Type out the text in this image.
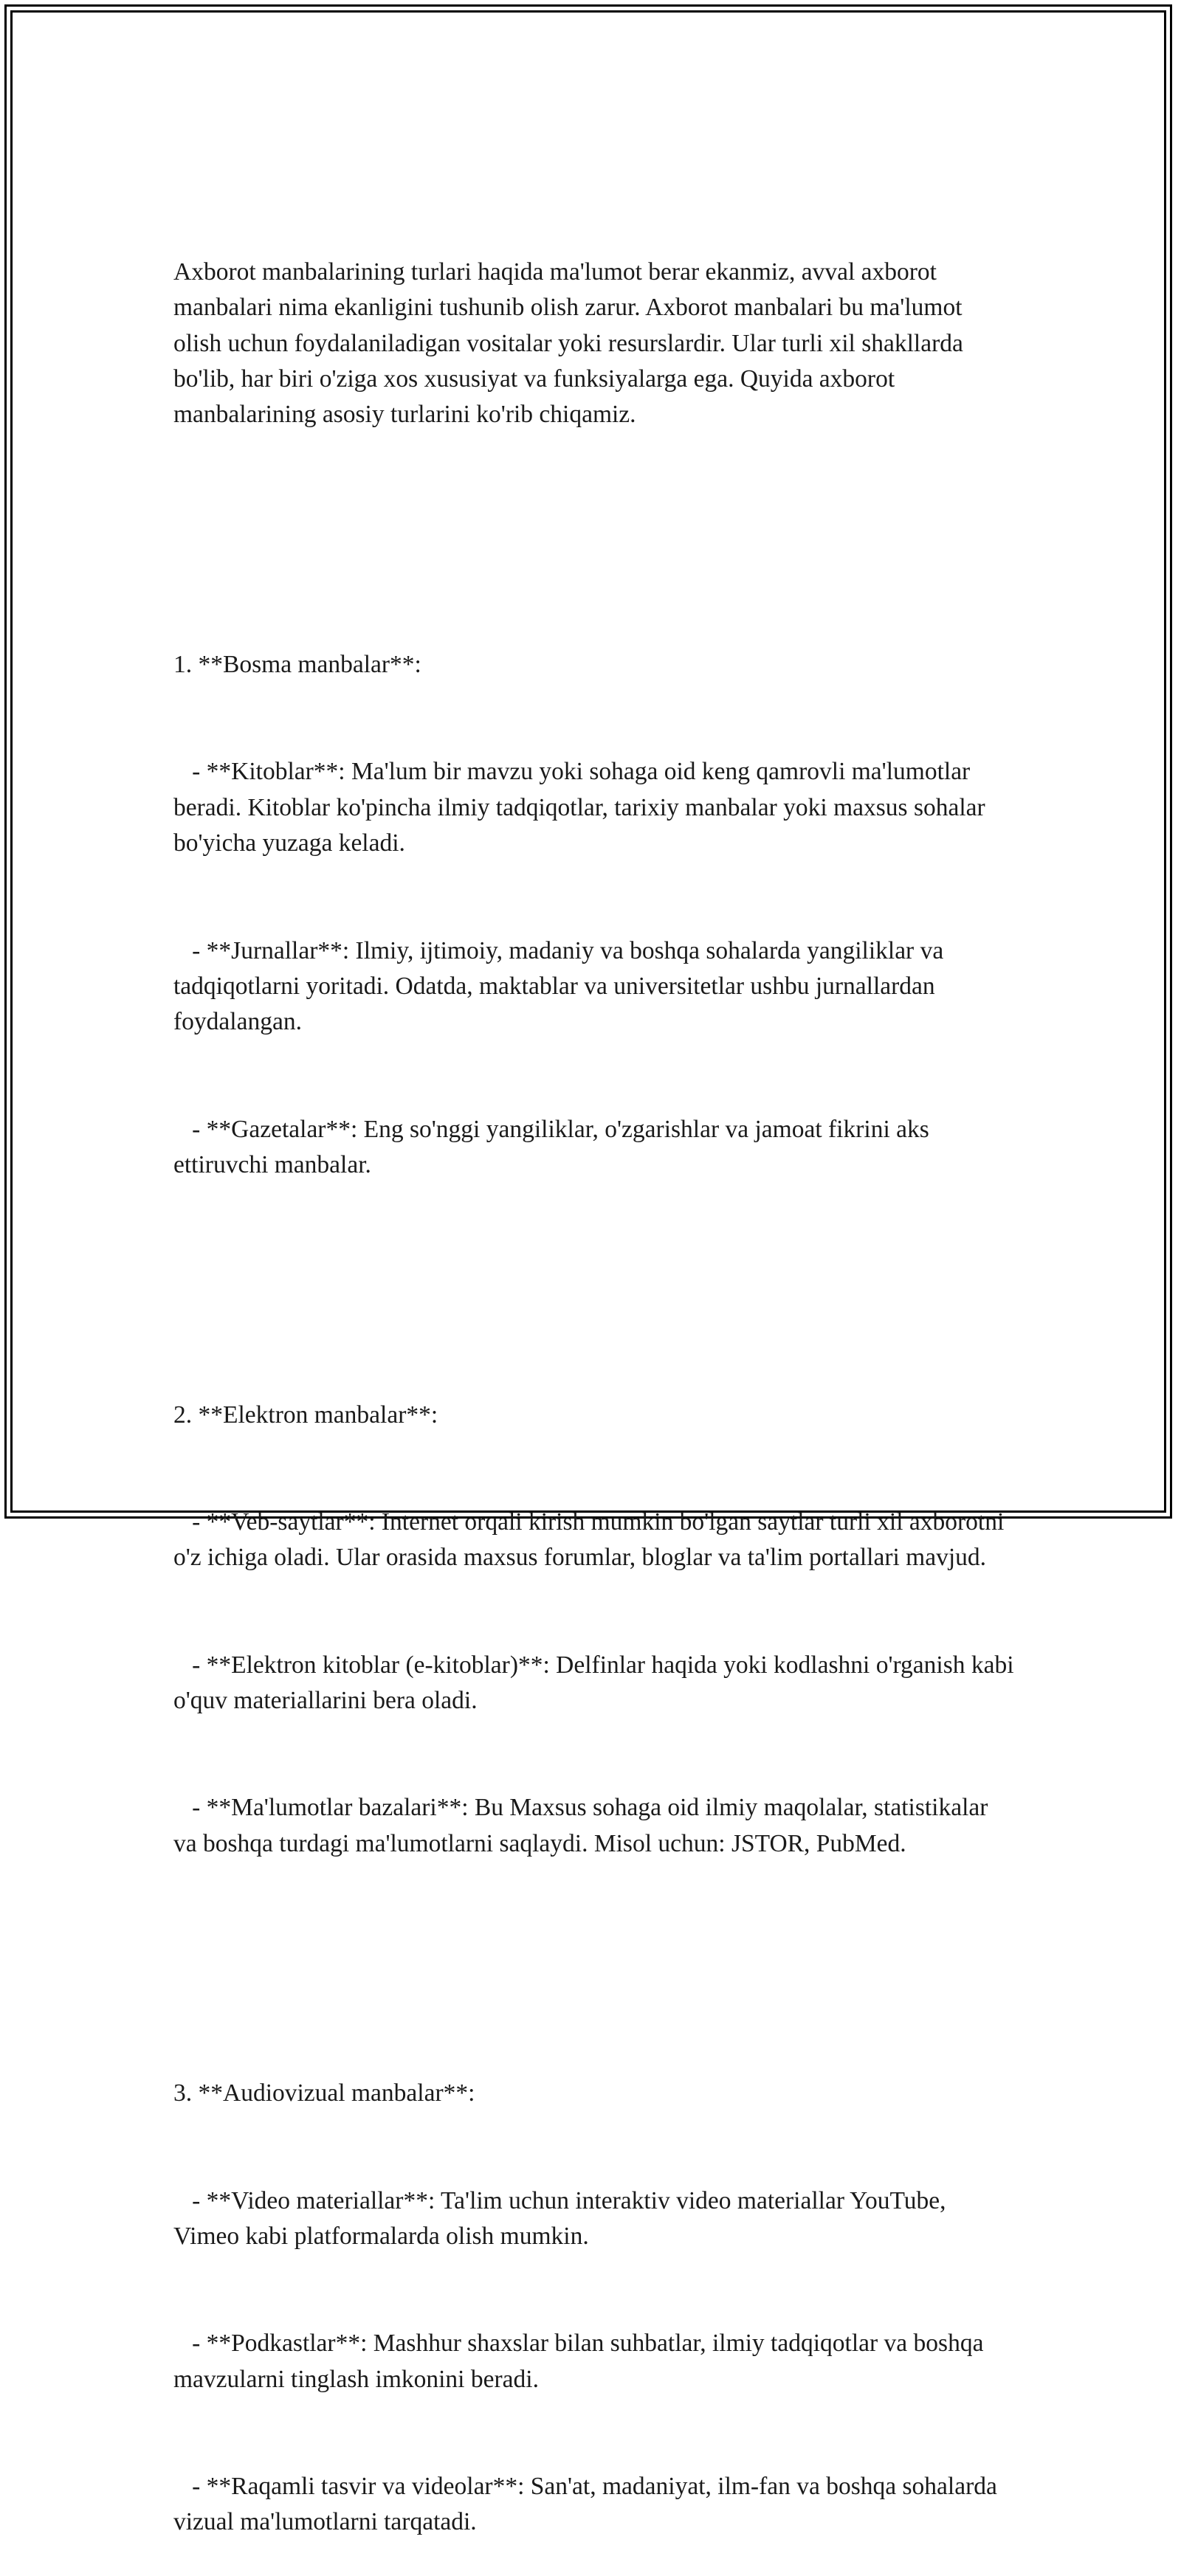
Axborot manbalarining turlari haqida ma'lumot berar ekanmiz, avval axborot manbalari nima ekanligini tushunib olish zarur. Axborot manbalari bu ma'lumot olish uchun foydalaniladigan vositalar yoki resurslardir. Ular turli xil shakllarda bo'lib, har biri o'ziga xos xususiyat va funksiyalarga ega. Quyida axborot manbalarining asosiy turlarini ko'rib chiqamiz.

1. **Bosma manbalar**:

- **Kitoblar**: Ma'lum bir mavzu yoki sohaga oid keng qamrovli ma'lumotlar beradi. Kitoblar ko'pincha ilmiy tadqiqotlar, tarixiy manbalar yoki maxsus sohalar bo'yicha yuzaga keladi.

- **Jurnallar**: Ilmiy, ijtimoiy, madaniy va boshqa sohalarda yangiliklar va tadqiqotlarni yoritadi. Odatda, maktablar va universitetlar ushbu jurnallardan foydalangan.

- **Gazetalar**: Eng so'nggi yangiliklar, o'zgarishlar va jamoat fikrini aks ettiruvchi manbalar.

2. **Elektron manbalar**:

- **Veb-saytlar**: Internet orqali kirish mumkin bo'lgan saytlar turli xil axborotni o'z ichiga oladi. Ular orasida maxsus forumlar, bloglar va ta'lim portallari mavjud.

- **Elektron kitoblar (e-kitoblar)**: Delfinlar haqida yoki kodlashni o'rganish kabi o'quv materiallarini bera oladi.

- **Ma'lumotlar bazalari**: Bu Maxsus sohaga oid ilmiy maqolalar, statistikalar va boshqa turdagi ma'lumotlarni saqlaydi. Misol uchun: JSTOR, PubMed.

3. **Audiovizual manbalar**:

- **Video materiallar**: Ta'lim uchun interaktiv video materiallar YouTube, Vimeo kabi platformalarda olish mumkin.

- **Podkastlar**: Mashhur shaxslar bilan suhbatlar, ilmiy tadqiqotlar va boshqa mavzularni tinglash imkonini beradi.

- **Raqamli tasvir va videolar**: San'at, madaniyat, ilm-fan va boshqa sohalarda vizual ma'lumotlarni tarqatadi.
